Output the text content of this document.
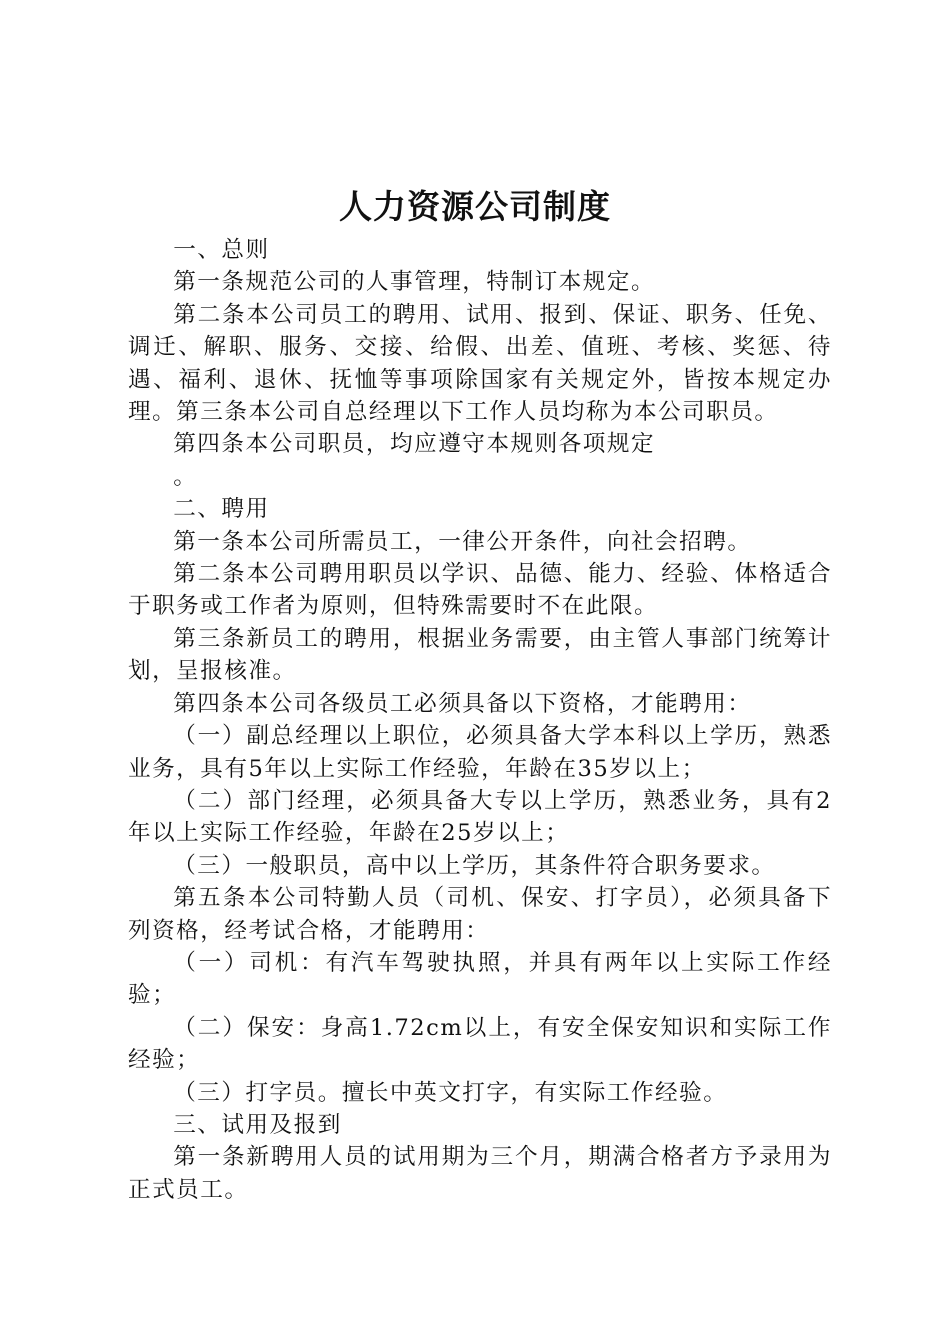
人力资源公司制度

一、总则

第一条规范公司的人事管理，特制订本规定。

第二条本公司员工的聘用、试用、报到、保证、职务、任免、调迁、解职、服务、交接、给假、出差、值班、考核、奖惩、待遇、福利、退休、抚恤等事项除国家有关规定外，皆按本规定办理。第三条本公司自总经理以下工作人员均称为本公司职员。

第四条本公司职员，均应遵守本规则各项规定

。

二、聘用

第一条本公司所需员工，一律公开条件，向社会招聘。

第二条本公司聘用职员以学识、品德、能力、经验、体格适合于职务或工作者为原则，但特殊需要时不在此限。

第三条新员工的聘用，根据业务需要，由主管人事部门统筹计划，呈报核准。

第四条本公司各级员工必须具备以下资格，才能聘用：

（一）副总经理以上职位，必须具备大学本科以上学历，熟悉业务，具有5年以上实际工作经验，年龄在35岁以上；

（二）部门经理，必须具备大专以上学历，熟悉业务，具有2年以上实际工作经验，年龄在25岁以上；

（三）一般职员，高中以上学历，其条件符合职务要求。

第五条本公司特勤人员（司机、保安、打字员），必须具备下列资格，经考试合格，才能聘用：

（一）司机：有汽车驾驶执照，并具有两年以上实际工作经验；

（二）保安：身高1.72cm以上，有安全保安知识和实际工作经验；

（三）打字员。擅长中英文打字，有实际工作经验。

三、试用及报到

第一条新聘用人员的试用期为三个月，期满合格者方予录用为正式员工。
